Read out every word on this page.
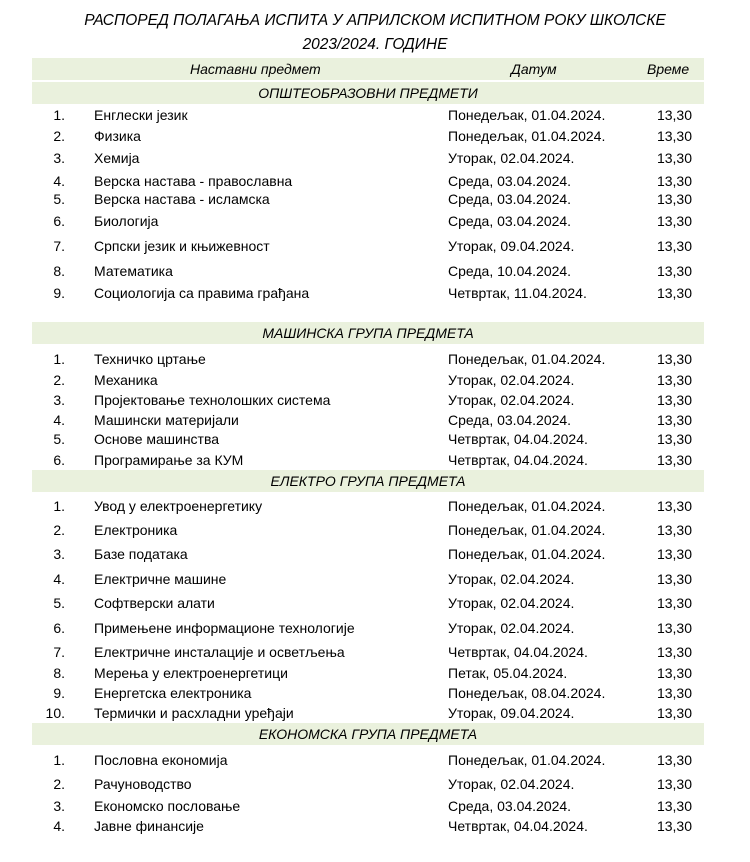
РАСПОРЕД ПОЛАГАЊА ИСПИТА У АПРИЛСКОМ ИСПИТНОМ РОКУ ШКОЛСКЕ
2023/2024. ГОДИНЕ
Наставни предмет	Датум	Време
ОПШТЕОБРАЗОВНИ ПРЕДМЕТИ
1. Енглески језик	Понедељак, 01.04.2024.	13,30
2. Физика	Понедељак, 01.04.2024.	13,30
3. Хемија	Уторак, 02.04.2024.	13,30
4. Верска настава - православна	Среда, 03.04.2024.	13,30
5. Верска настава - исламска	Среда, 03.04.2024.	13,30
6. Биологија	Среда, 03.04.2024.	13,30
7. Српски језик и књижевност	Уторак, 09.04.2024.	13,30
8. Математика	Среда, 10.04.2024.	13,30
9. Социологија са правима грађана	Четвртак, 11.04.2024.	13,30
МАШИНСКА ГРУПА ПРЕДМЕТА
1. Техничко цртање	Понедељак, 01.04.2024.	13,30
2. Механика	Уторак, 02.04.2024.	13,30
3. Пројектовање технолошких система	Уторак, 02.04.2024.	13,30
4. Машински материјали	Среда, 03.04.2024.	13,30
5. Основе машинства	Четвртак, 04.04.2024.	13,30
6. Програмирање за КУМ	Четвртак, 04.04.2024.	13,30
ЕЛЕКТРО ГРУПА ПРЕДМЕТА
1. Увод у електроенергетику	Понедељак, 01.04.2024.	13,30
2. Електроника	Понедељак, 01.04.2024.	13,30
3. Базе података	Понедељак, 01.04.2024.	13,30
4. Електричне машине	Уторак, 02.04.2024.	13,30
5. Софтверски алати	Уторак, 02.04.2024.	13,30
6. Примењене информационе технологије	Уторак, 02.04.2024.	13,30
7. Електричне инсталације и осветљења	Четвртак, 04.04.2024.	13,30
8. Мерења у електроенергетици	Петак, 05.04.2024.	13,30
9. Енергетска електроника	Понедељак, 08.04.2024.	13,30
10. Термички и расхладни уређаји	Уторак, 09.04.2024.	13,30
ЕКОНОМСКА ГРУПА ПРЕДМЕТА
1. Пословна економија	Понедељак, 01.04.2024.	13,30
2. Рачуноводство	Уторак, 02.04.2024.	13,30
3. Економско пословање	Среда, 03.04.2024.	13,30
4. Јавне финансије	Четвртак, 04.04.2024.	13,30
